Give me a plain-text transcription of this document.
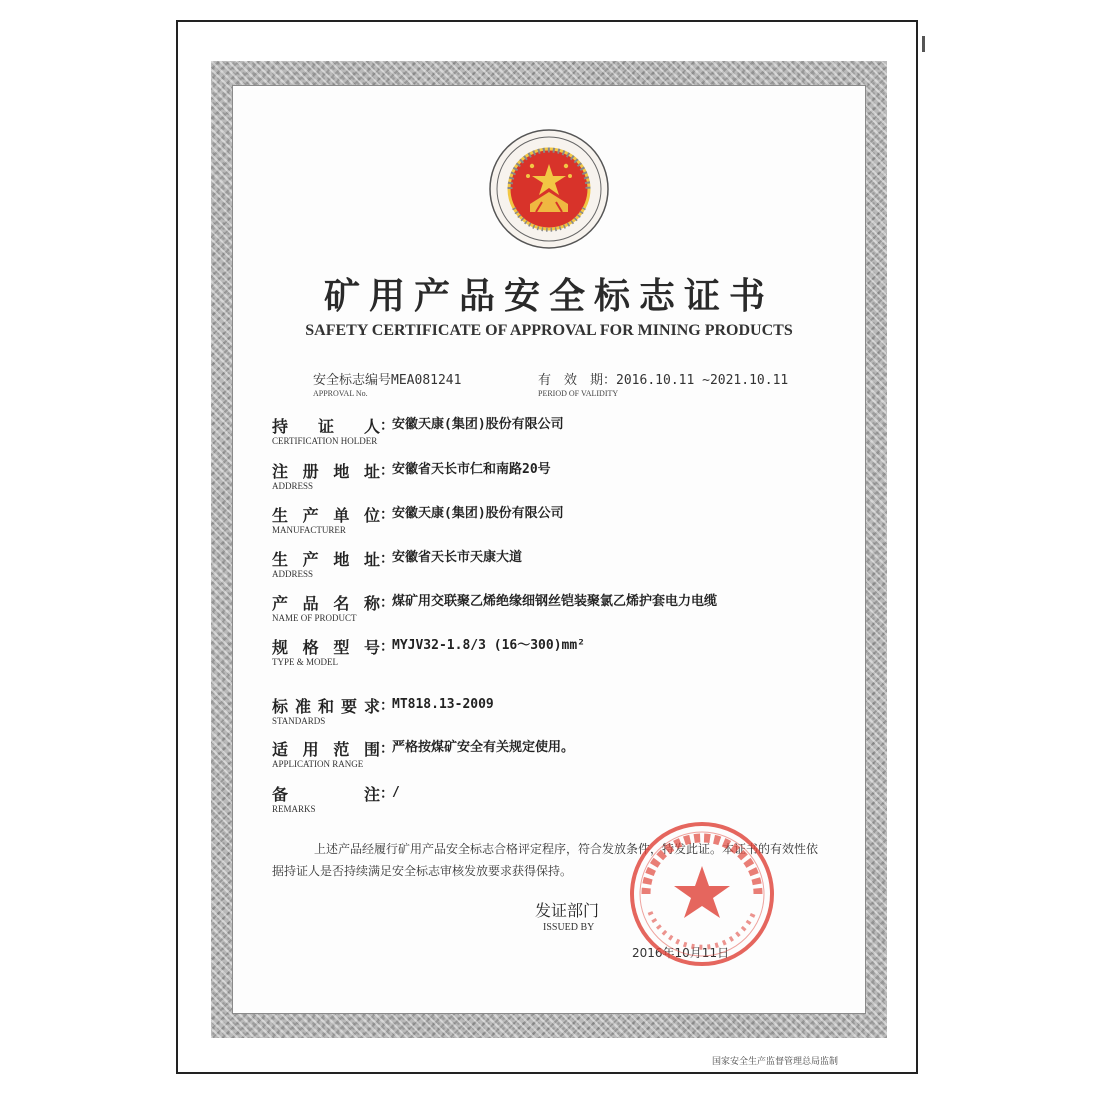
矿用产品安全标志证书
SAFETY CERTIFICATE OF APPROVAL FOR MINING PRODUCTS
安全标志编号MEA081241
APPROVAL No.
有　效　期：2016.10.11 ~2021.10.11
PERIOD OF VALIDITY
持证人 ：
安徽天康(集团)股份有限公司
CERTIFICATION HOLDER
注册地址 ：
安徽省天长市仁和南路20号
ADDRESS
生产单位 ：
安徽天康(集团)股份有限公司
MANUFACTURER
生产地址 ：
安徽省天长市天康大道
ADDRESS
产品名称 ：
煤矿用交联聚乙烯绝缘细钢丝铠装聚氯乙烯护套电力电缆
NAME OF PRODUCT
规格型号 ：
MYJV32-1.8/3 (16～300)mm²
TYPE & MODEL
标准和要求 ：
MT818.13-2009
STANDARDS
适用范围 ：
严格按煤矿安全有关规定使用。
APPLICATION RANGE
备注 ：
/
REMARKS
上述产品经履行矿用产品安全标志合格评定程序，符合发放条件，特发此证。本证书的有效性依据持证人是否持续满足安全标志审核发放要求获得保持。
发证部门
ISSUED BY
2016年10月11日
国家安全生产监督管理总局监制
